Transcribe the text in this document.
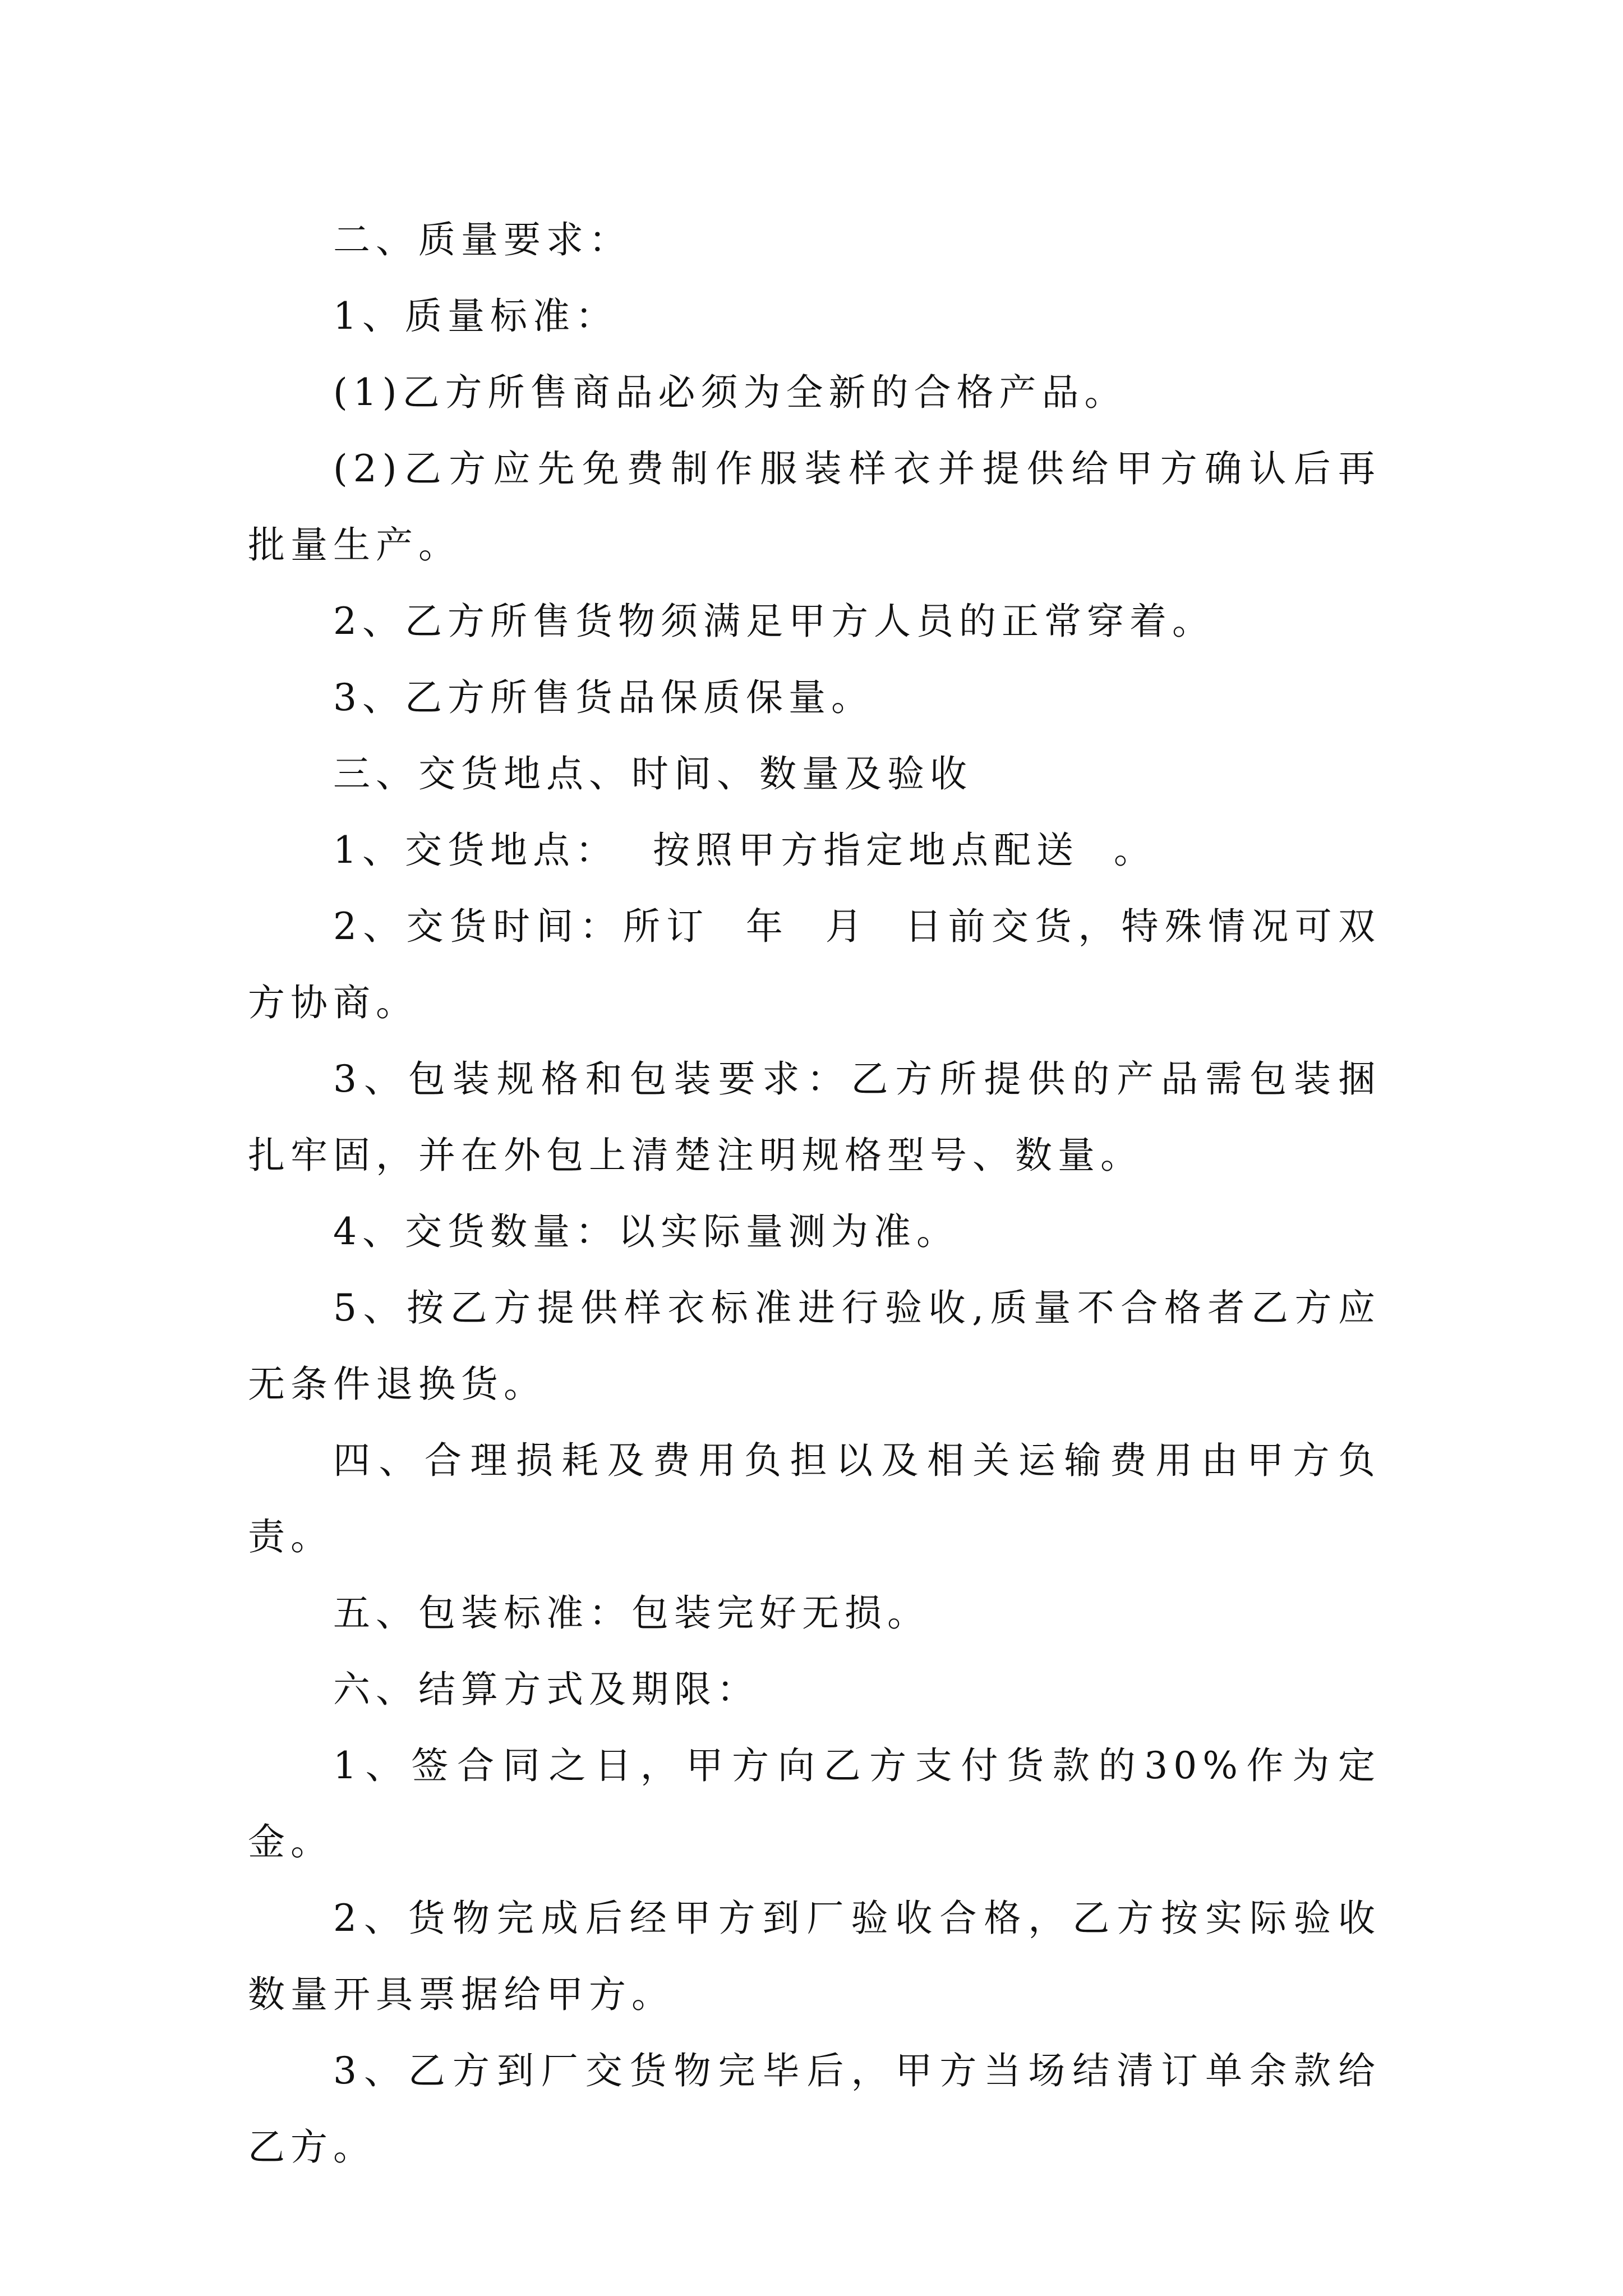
二、质量要求：

1、质量标准：

(1)乙方所售商品必须为全新的合格产品。

(2)乙方应先免费制作服装样衣并提供给甲方确认后再批量生产。

2、乙方所售货物须满足甲方人员的正常穿着。

3、乙方所售货品保质保量。

三、交货地点、时间、数量及验收

1、交货地点：  按照甲方指定地点配送  。

2、交货时间：所订  年  月  日前交货，特殊情况可双方协商。

3、包装规格和包装要求：乙方所提供的产品需包装捆扎牢固，并在外包上清楚注明规格型号、数量。

4、交货数量：以实际量测为准。

5、按乙方提供样衣标准进行验收,质量不合格者乙方应无条件退换货。

四、合理损耗及费用负担以及相关运输费用由甲方负责。

五、包装标准：包装完好无损。

六、结算方式及期限：

1、签合同之日，甲方向乙方支付货款的30%作为定金。

2、货物完成后经甲方到厂验收合格，乙方按实际验收数量开具票据给甲方。

3、乙方到厂交货物完毕后，甲方当场结清订单余款给乙方。
